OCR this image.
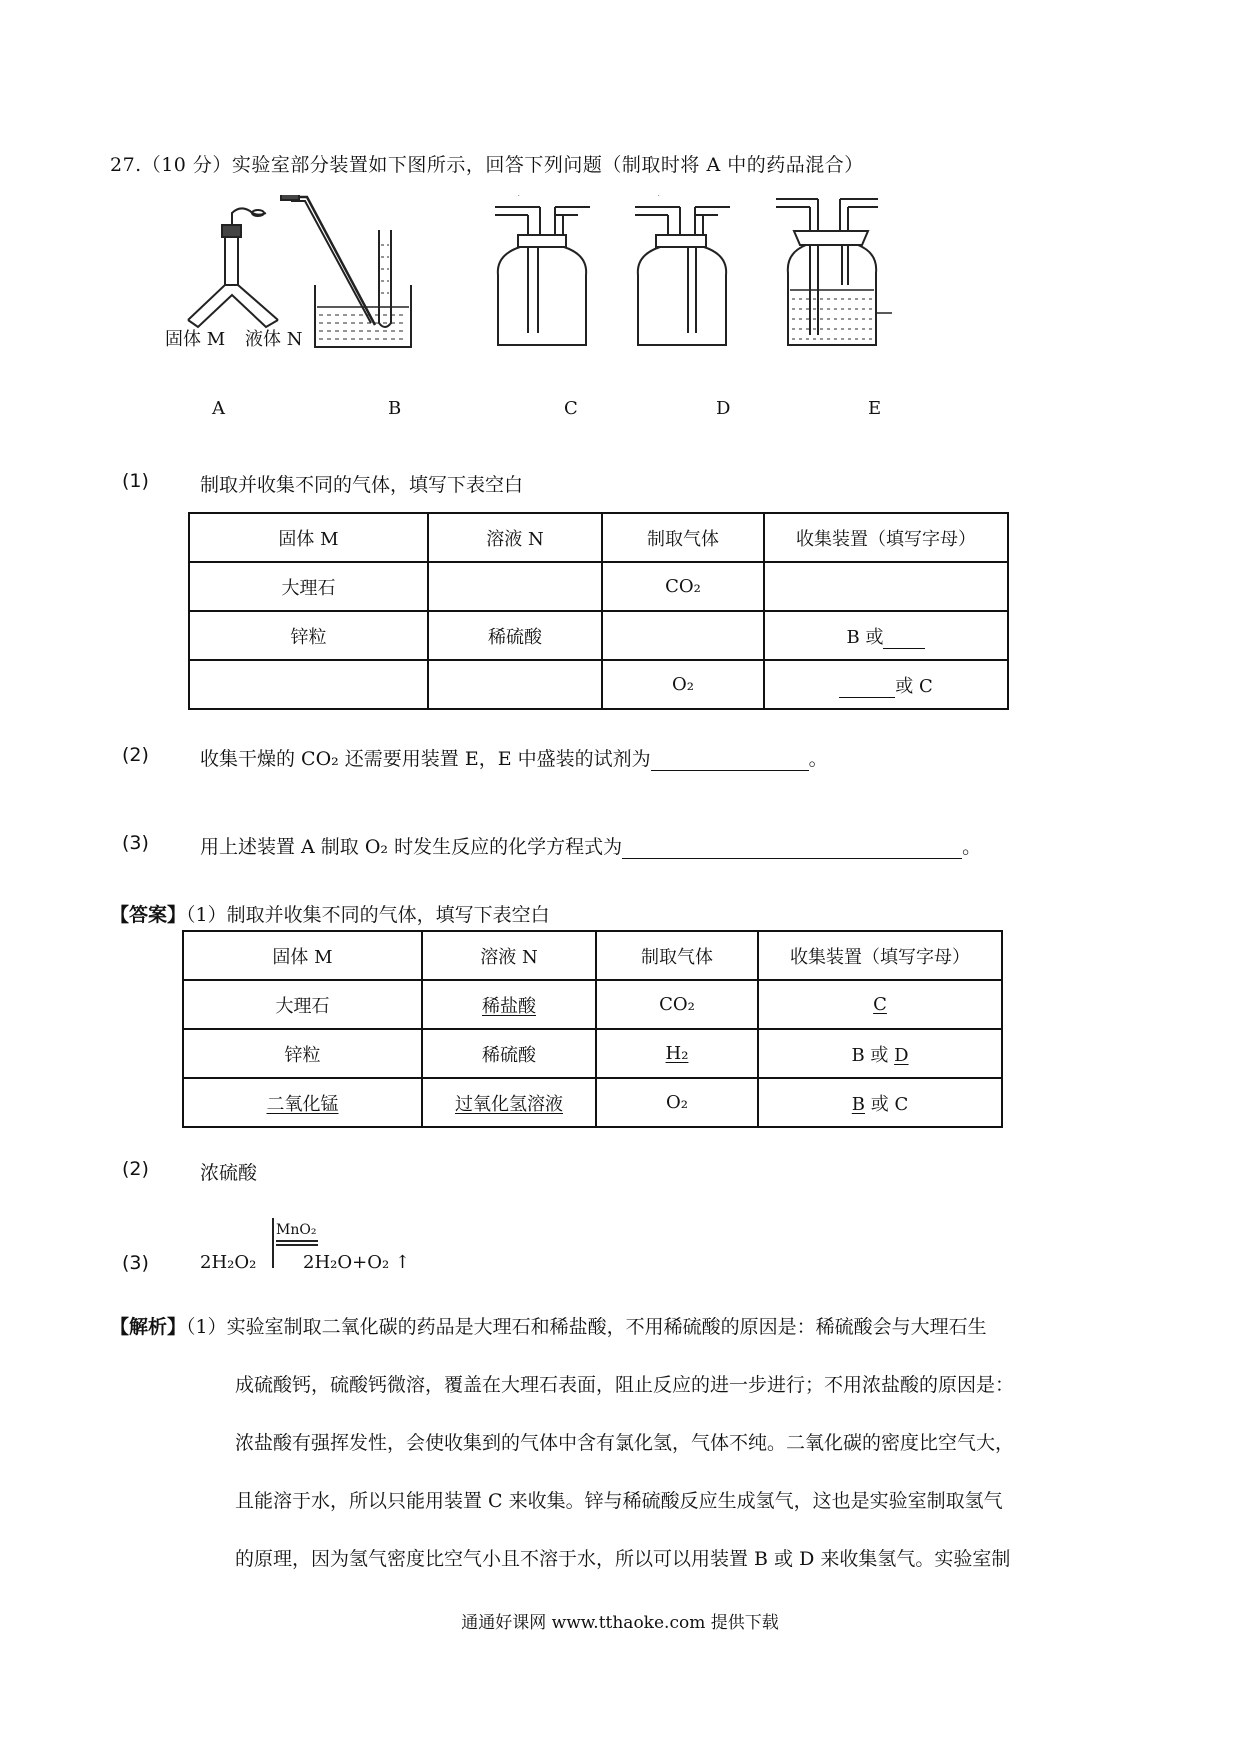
27.（10 分）实验室部分装置如下图所示，回答下列问题（制取时将 A 中的药品混合）
固体 M 液体 N
A	B	C	D	E
(1)	制取并收集不同的气体，填写下表空白
固体 M	溶液 N	制取气体	收集装置（填写字母）
大理石		CO₂	
锌粒	稀硫酸		B 或
		O₂	或 C
(2)	收集干燥的 CO₂ 还需要用装置 E，E 中盛装的试剂为	。
(3)	用上述装置 A 制取 O₂ 时发生反应的化学方程式为	。
【答案】（1）制取并收集不同的气体，填写下表空白
固体 M	溶液 N	制取气体	收集装置（填写字母）
大理石	稀盐酸	CO₂	C
锌粒	稀硫酸	H₂	B 或 D
二氧化锰	过氧化氢溶液	O₂	B 或 C
(2)	浓硫酸
(3)	2H₂O₂
MnO₂
2H₂O+O₂ ↑
【解析】（1）实验室制取二氧化碳的药品是大理石和稀盐酸，不用稀硫酸的原因是：稀硫酸会与大理石生
成硫酸钙，硫酸钙微溶，覆盖在大理石表面，阻止反应的进一步进行；不用浓盐酸的原因是：
浓盐酸有强挥发性，会使收集到的气体中含有氯化氢，气体不纯。二氧化碳的密度比空气大，
且能溶于水，所以只能用装置 C 来收集。锌与稀硫酸反应生成氢气，这也是实验室制取氢气
的原理，因为氢气密度比空气小且不溶于水，所以可以用装置 B 或 D 来收集氢气。实验室制
通通好课网 www.tthaoke.com 提供下载
